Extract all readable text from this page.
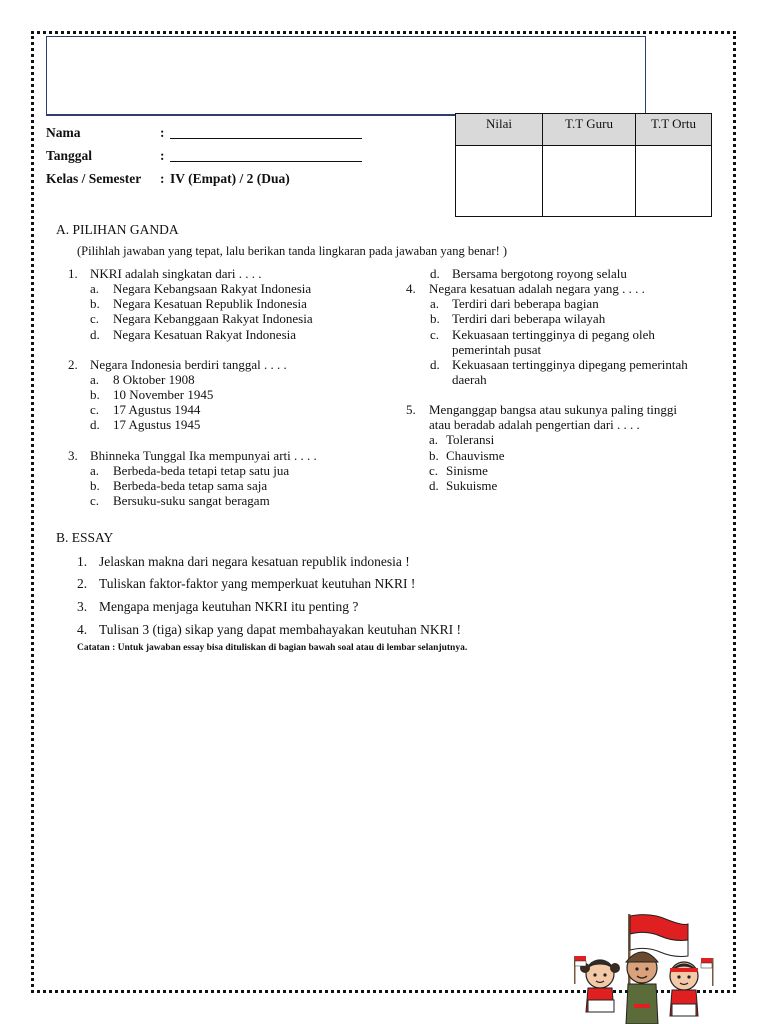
Nama	:
Tanggal	:
Kelas / Semester : IV (Empat) / 2 (Dua)
Nilai	T.T Guru	T.T Ortu

A. PILIHAN GANDA
(Pilihlah jawaban yang tepat, lalu berikan tanda lingkaran pada jawaban yang benar! )
1. NKRI adalah singkatan dari . . . .
a. Negara Kebangsaan Rakyat Indonesia
b. Negara Kesatuan Republik Indonesia
c. Negara Kebanggaan Rakyat Indonesia
d. Negara Kesatuan Rakyat Indonesia
2. Negara Indonesia berdiri tanggal . . . .
a. 8 Oktober 1908
b. 10 November 1945
c. 17 Agustus 1944
d. 17 Agustus 1945
3. Bhinneka Tunggal Ika mempunyai arti . . . .
a. Berbeda-beda tetapi tetap satu jua
b. Berbeda-beda tetap sama saja
c. Bersuku-suku sangat beragam
d. Bersama bergotong royong selalu
4. Negara kesatuan adalah negara yang . . . .
a. Terdiri dari beberapa bagian
b. Terdiri dari beberapa wilayah
c. Kekuasaan tertingginya di pegang oleh
pemerintah pusat
d. Kekuasaan tertingginya dipegang pemerintah
daerah
5. Menganggap bangsa atau sukunya paling tinggi
atau beradab adalah pengertian dari . . . .
a. Toleransi
b. Chauvisme
c. Sinisme
d. Sukuisme
B. ESSAY
1. Jelaskan makna dari negara kesatuan republik indonesia !
2. Tuliskan faktor-faktor yang memperkuat keutuhan NKRI !
3. Mengapa menjaga keutuhan NKRI itu penting ?
4. Tulisan 3 (tiga) sikap yang dapat membahayakan keutuhan NKRI !
Catatan : Untuk jawaban essay bisa dituliskan di bagian bawah soal atau di lembar selanjutnya.
